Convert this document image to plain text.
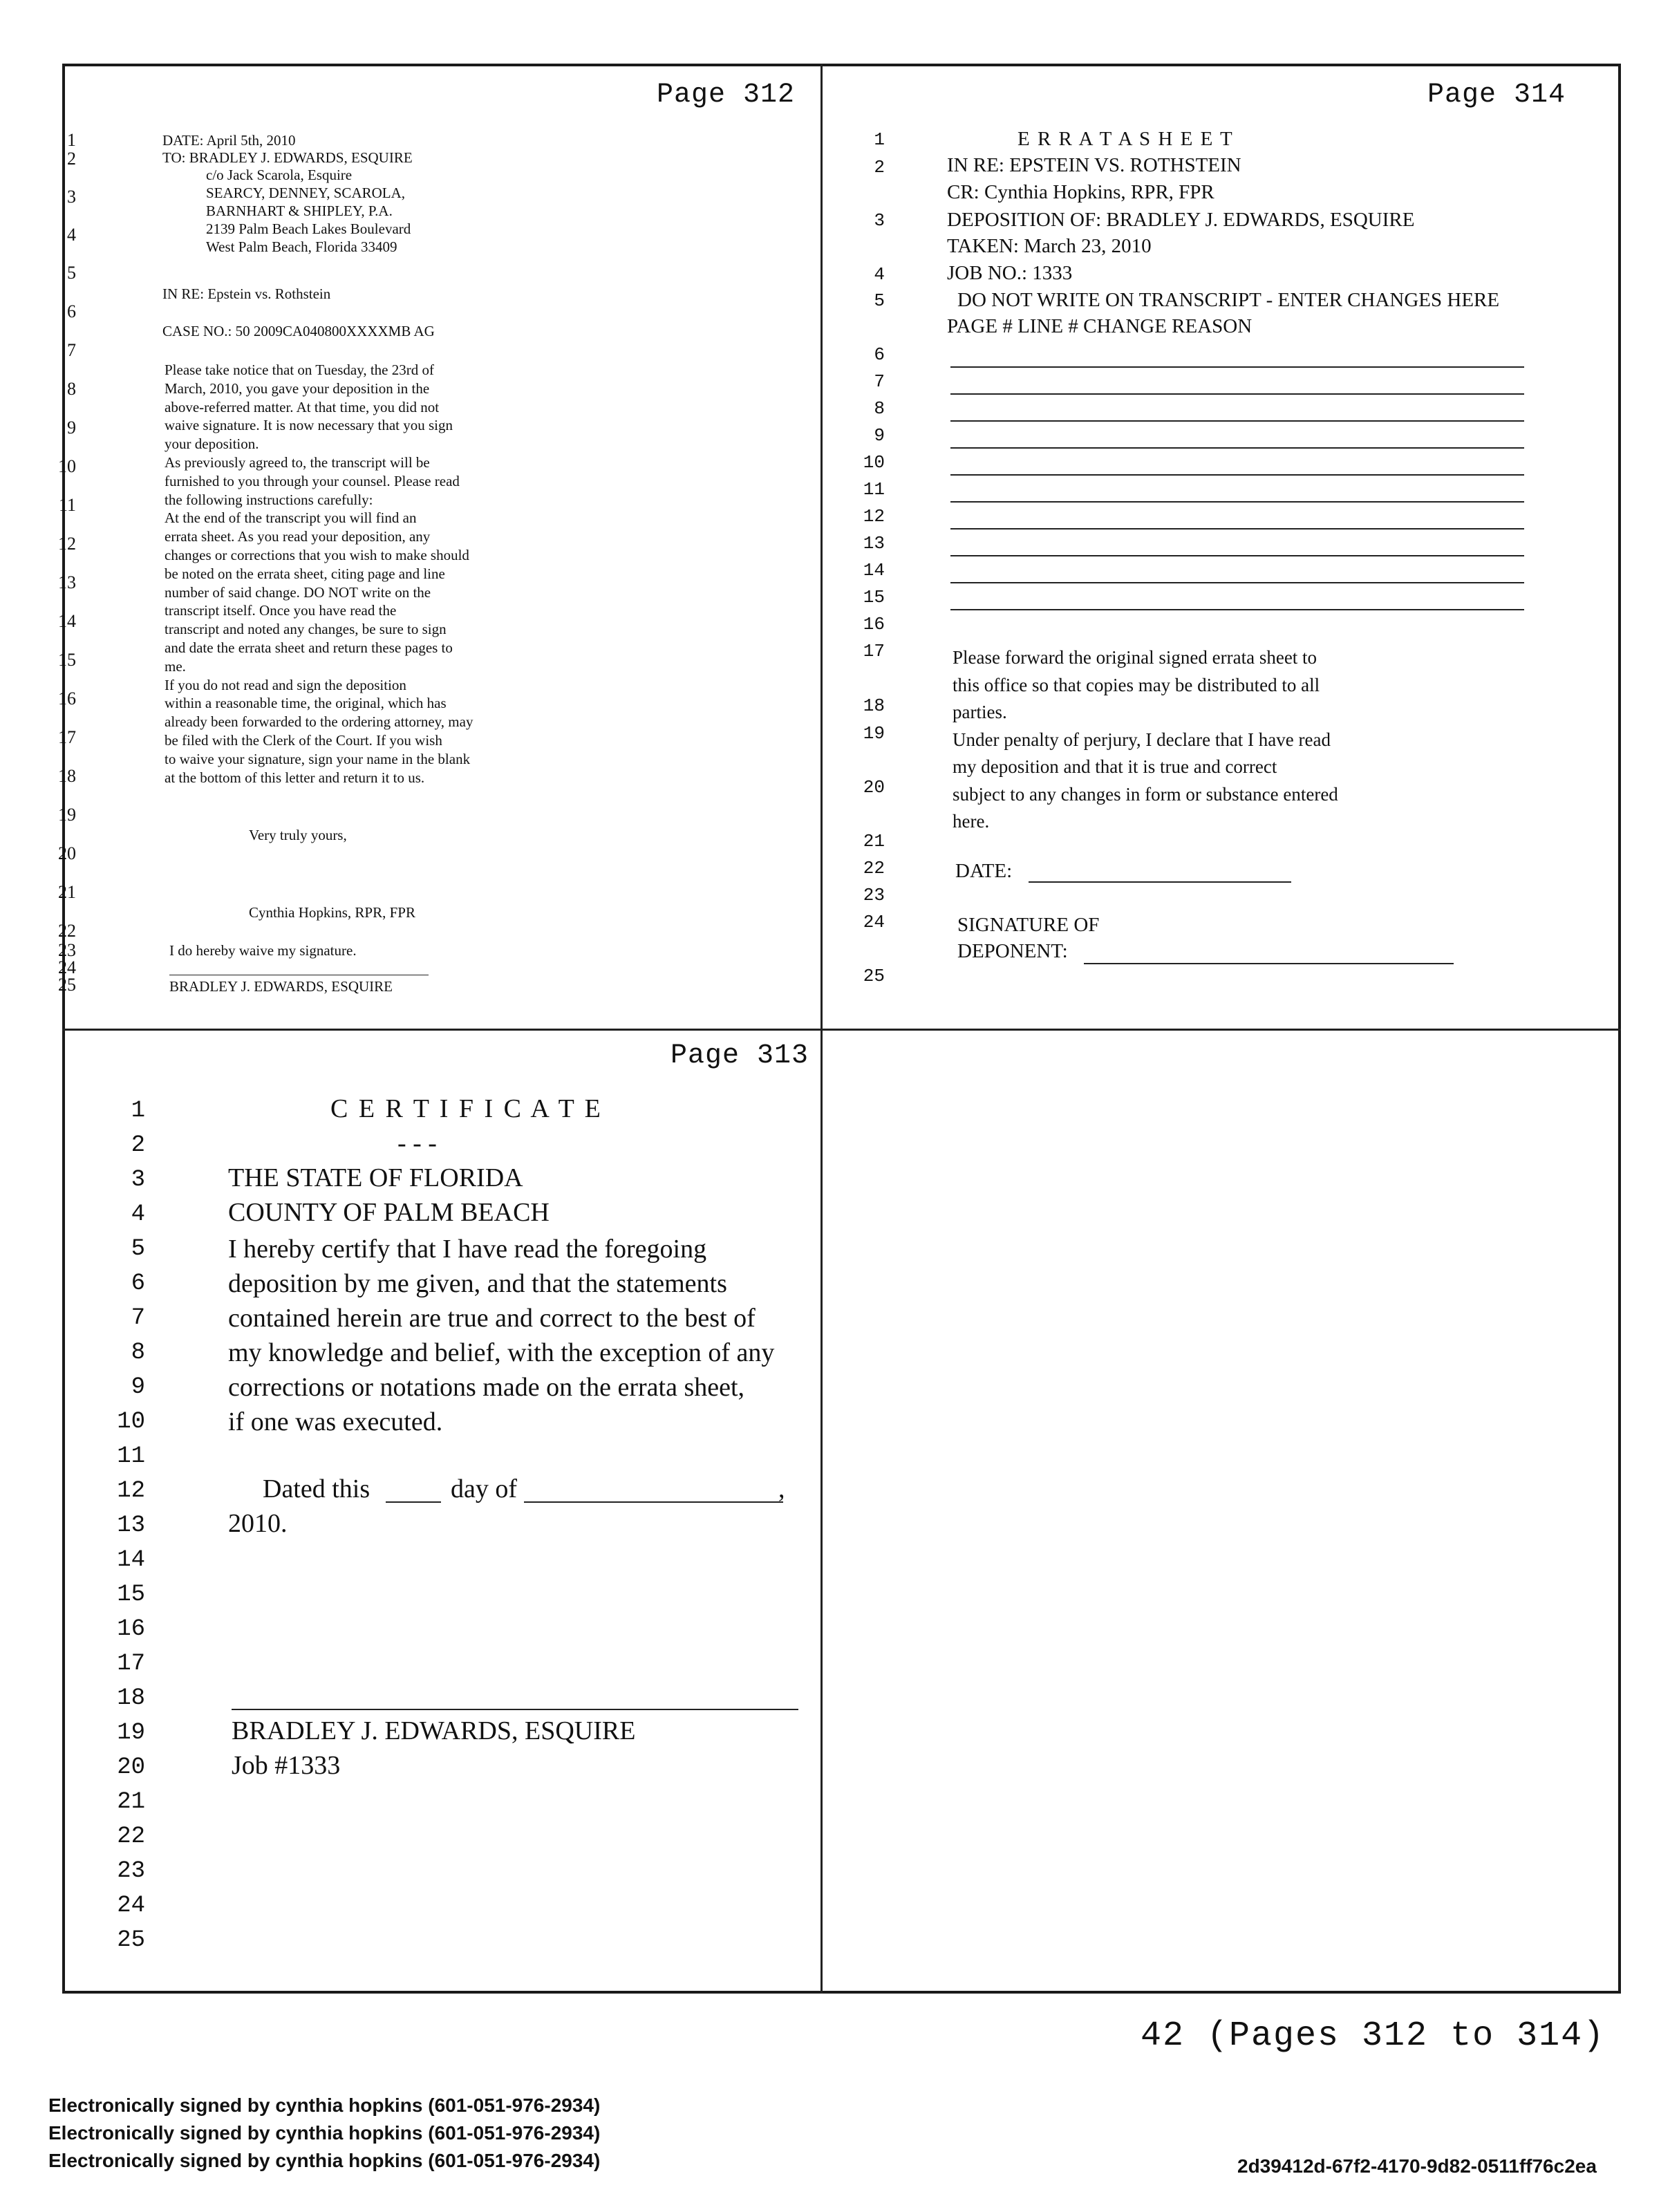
Page 312
1
2
3
4
5
6
7
8
9
10
11
12
13
14
15
16
17
18
19
20
21
22
23
24
25
DATE: April 5th, 2010
TO: BRADLEY J. EDWARDS, ESQUIRE
c/o Jack Scarola, Esquire
SEARCY, DENNEY, SCAROLA,
BARNHART & SHIPLEY, P.A.
2139 Palm Beach Lakes Boulevard
West Palm Beach, Florida 33409
IN RE: Epstein vs. Rothstein
CASE NO.: 50 2009CA040800XXXXMB AG
Please take notice that on Tuesday, the 23rd of
March, 2010, you gave your deposition in the
above-referred matter. At that time, you did not
waive signature. It is now necessary that you sign
your deposition.
As previously agreed to, the transcript will be
furnished to you through your counsel. Please read
the following instructions carefully:
At the end of the transcript you will find an
errata sheet. As you read your deposition, any
changes or corrections that you wish to make should
be noted on the errata sheet, citing page and line
number of said change. DO NOT write on the
transcript itself. Once you have read the
transcript and noted any changes, be sure to sign
and date the errata sheet and return these pages to
me.
If you do not read and sign the deposition
within a reasonable time, the original, which has
already been forwarded to the ordering attorney, may
be filed with the Clerk of the Court. If you wish
to waive your signature, sign your name in the blank
at the bottom of this letter and return it to us.
Very truly yours,
Cynthia Hopkins, RPR, FPR
I do hereby waive my signature.
BRADLEY J. EDWARDS, ESQUIRE
Page 314
1
2
3
4
5
6
7
8
9
10
11
12
13
14
15
16
17
18
19
20
21
22
23
24
25
E R R A T A S H E E T
IN RE: EPSTEIN VS. ROTHSTEIN
CR: Cynthia Hopkins, RPR, FPR
DEPOSITION OF: BRADLEY J. EDWARDS, ESQUIRE
TAKEN: March 23, 2010
JOB NO.: 1333
DO NOT WRITE ON TRANSCRIPT - ENTER CHANGES HERE
PAGE # LINE # CHANGE REASON
Please forward the original signed errata sheet to
this office so that copies may be distributed to all
parties.
Under penalty of perjury, I declare that I have read
my deposition and that it is true and correct
subject to any changes in form or substance entered
here.
DATE:
SIGNATURE OF
DEPONENT:
Page 313
1
2
3
4
5
6
7
8
9
10
11
12
13
14
15
16
17
18
19
20
21
22
23
24
25
C E R T I F I C A T E
- - -
THE STATE OF FLORIDA
COUNTY OF PALM BEACH
I hereby certify that I have read the foregoing
deposition by me given, and that the statements
contained herein are true and correct to the best of
my knowledge and belief, with the exception of any
corrections or notations made on the errata sheet,
if one was executed.
Dated this	day of	,
2010.
BRADLEY J. EDWARDS, ESQUIRE
Job #1333
42 (Pages 312 to 314)
Electronically signed by cynthia hopkins (601-051-976-2934)
Electronically signed by cynthia hopkins (601-051-976-2934)
Electronically signed by cynthia hopkins (601-051-976-2934)	2d39412d-67f2-4170-9d82-0511ff76c2ea
